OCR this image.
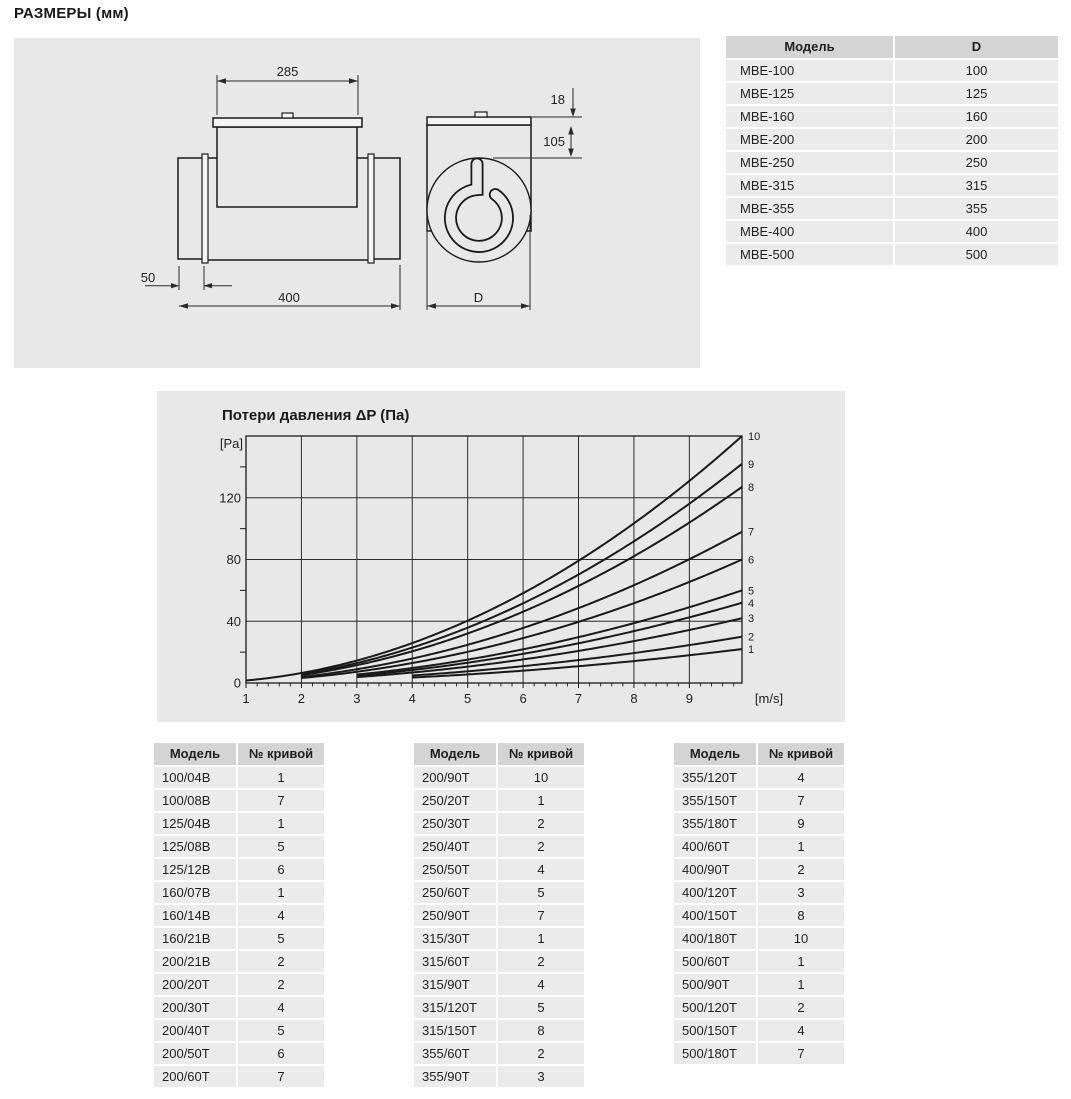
РАЗМЕРЫ (мм)
285
18
105
50
400	D
Модель	D
MBE-100	100
MBE-125	125
MBE-160	160
MBE-200	200
MBE-250	250
MBE-315	315
MBE-355	355
MBE-400	400
MBE-500	500
Потери давления ΔP (Па)
[Pa]
0
40
80
120
1	2	3	4	5	6	7	8	9	[m/s]
1
2
3
4
5
6
7
8
9
10
Модель	№ кривой
100/04B	1
100/08B	7
125/04B	1
125/08B	5
125/12B	6
160/07B	1
160/14B	4
160/21B	5
200/21B	2
200/20T	2
200/30T	4
200/40T	5
200/50T	6
200/60T	7
Модель	№ кривой
200/90T	10
250/20T	1
250/30T	2
250/40T	2
250/50T	4
250/60T	5
250/90T	7
315/30T	1
315/60T	2
315/90T	4
315/120T	5
315/150T	8
355/60T	2
355/90T	3
Модель	№ кривой
355/120T	4
355/150T	7
355/180T	9
400/60T	1
400/90T	2
400/120T	3
400/150T	8
400/180T	10
500/60T	1
500/90T	1
500/120T	2
500/150T	4
500/180T	7
